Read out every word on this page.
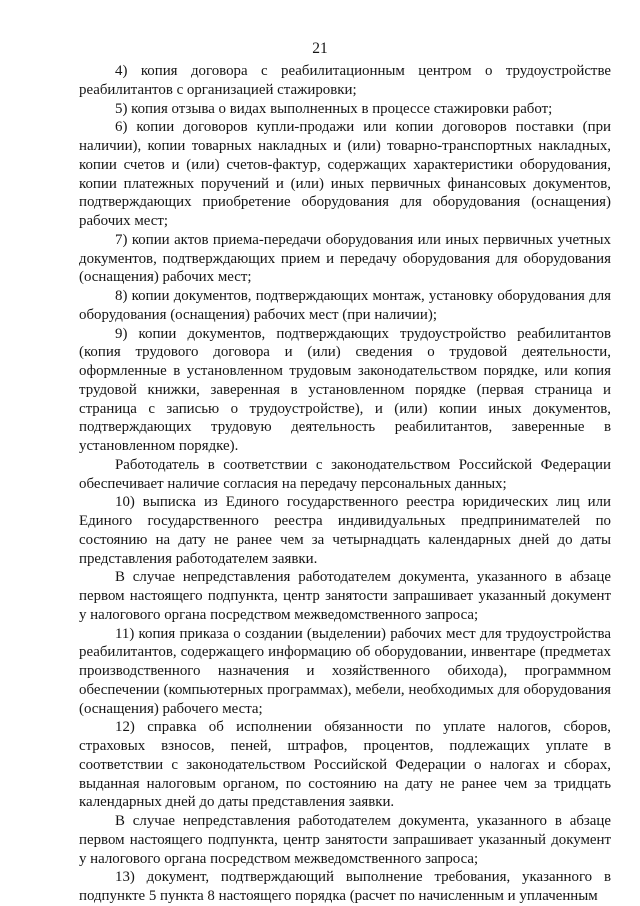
21

4) копия договора с реабилитационным центром о трудоустройстве реабилитантов с организацией стажировки;

5) копия отзыва о видах выполненных в процессе стажировки работ;

6) копии договоров купли-продажи или копии договоров поставки (при наличии), копии товарных накладных и (или) товарно-транспортных накладных, копии счетов и (или) счетов-фактур, содержащих характеристики оборудования, копии платежных поручений и (или) иных первичных финансовых документов, подтверждающих приобретение оборудования для оборудования (оснащения) рабочих мест;

7) копии актов приема-передачи оборудования или иных первичных учетных документов, подтверждающих прием и передачу оборудования для оборудования (оснащения) рабочих мест;

8) копии документов, подтверждающих монтаж, установку оборудования для оборудования (оснащения) рабочих мест (при наличии);

9) копии документов, подтверждающих трудоустройство реабилитантов (копия трудового договора и (или) сведения о трудовой деятельности, оформленные в установленном трудовым законодательством порядке, или копия трудовой книжки, заверенная в установленном порядке (первая страница и страница с записью о трудоустройстве), и (или) копии иных документов, подтверждающих трудовую деятельность реабилитантов, заверенные в установленном порядке).

Работодатель в соответствии с законодательством Российской Федерации обеспечивает наличие согласия на передачу персональных данных;

10) выписка из Единого государственного реестра юридических лиц или Единого государственного реестра индивидуальных предпринимателей по состоянию на дату не ранее чем за четырнадцать календарных дней до даты представления работодателем заявки.

В случае непредставления работодателем документа, указанного в абзаце первом настоящего подпункта, центр занятости запрашивает указанный документ у налогового органа посредством межведомственного запроса;

11) копия приказа о создании (выделении) рабочих мест для трудоустройства реабилитантов, содержащего информацию об оборудовании, инвентаре (предметах производственного назначения и хозяйственного обихода), программном обеспечении (компьютерных программах), мебели, необходимых для оборудования (оснащения) рабочего места;

12) справка об исполнении обязанности по уплате налогов, сборов, страховых взносов, пеней, штрафов, процентов, подлежащих уплате в соответствии с законодательством Российской Федерации о налогах и сборах, выданная налоговым органом, по состоянию на дату не ранее чем за тридцать календарных дней до даты представления заявки.

В случае непредставления работодателем документа, указанного в абзаце первом настоящего подпункта, центр занятости запрашивает указанный документ у налогового органа посредством межведомственного запроса;

13) документ, подтверждающий выполнение требования, указанного в подпункте 5 пункта 8 настоящего порядка (расчет по начисленным и уплаченным
